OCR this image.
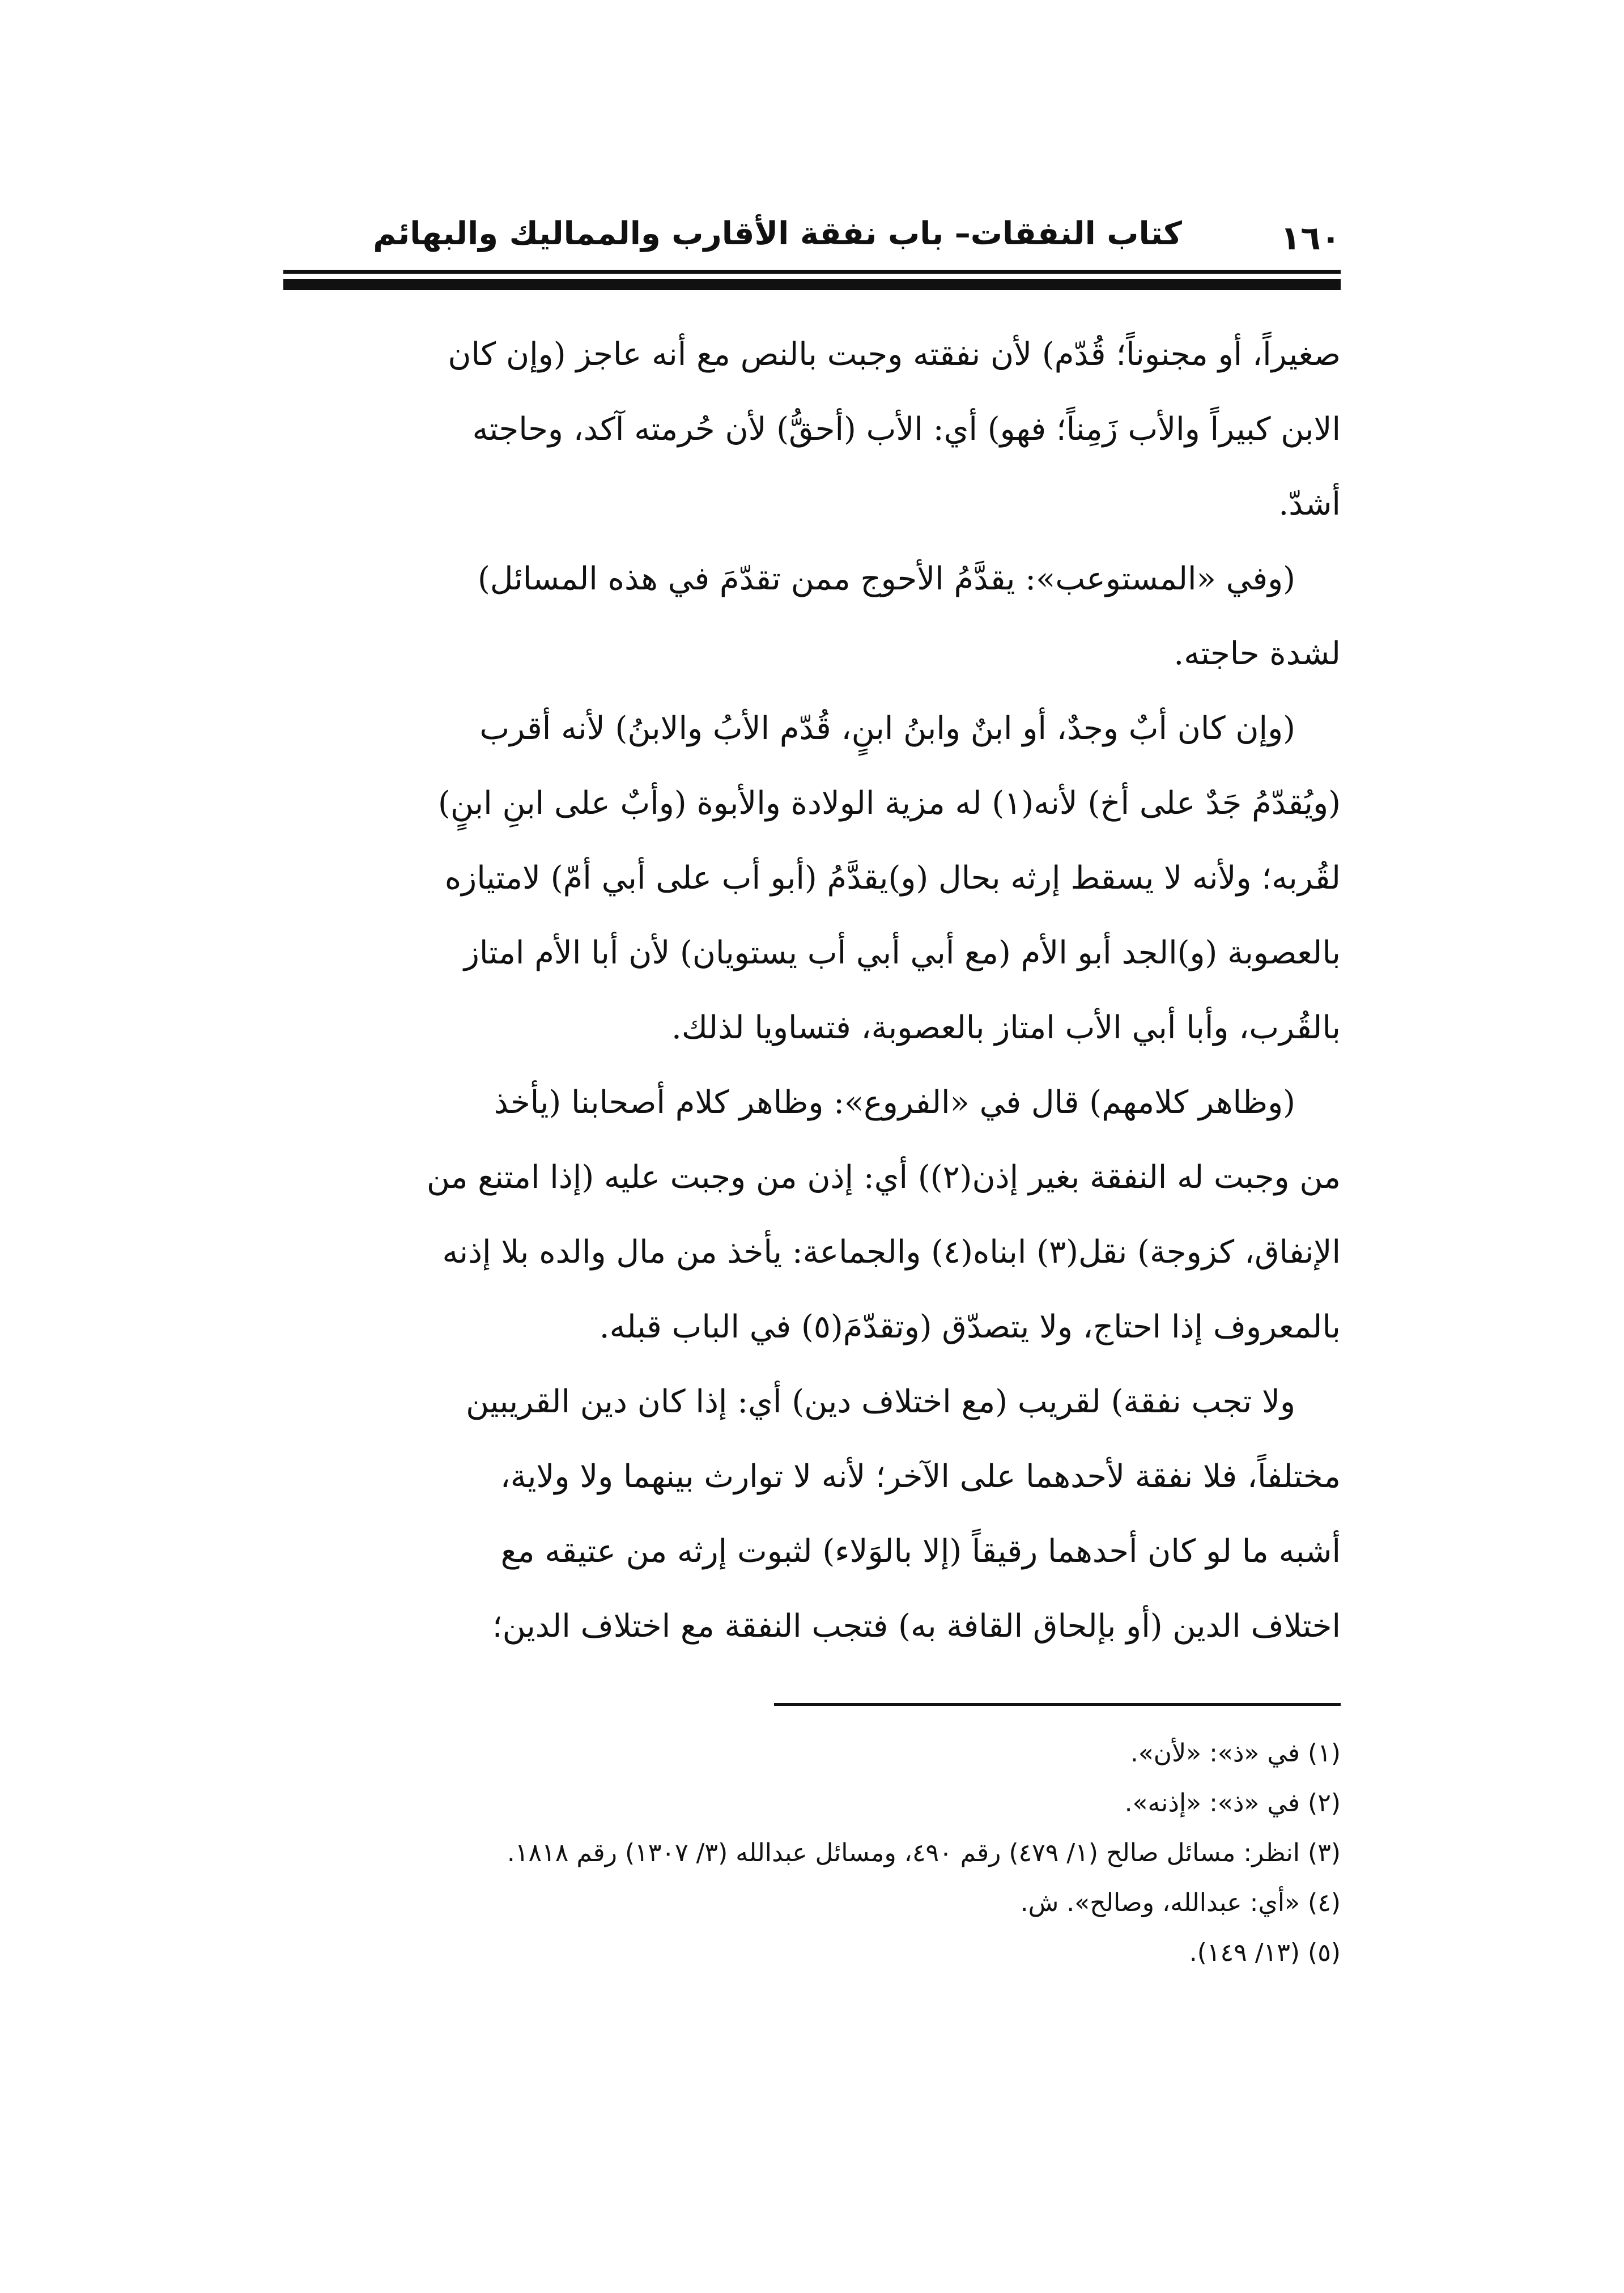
كتاب النفقات– باب نفقة الأقارب والمماليك والبهائم	١٦٠
صغيراً، أو مجنوناً؛ قُدّم) لأن نفقته وجبت بالنص مع أنه عاجز (وإن كان
الابن كبيراً والأب زَمِناً؛ فهو) أي: الأب (أحقُّ) لأن حُرمته آكد، وحاجته
أشدّ.
(وفي «المستوعب»: يقدَّمُ الأحوج ممن تقدّمَ في هذه المسائل)
لشدة حاجته.
(وإن كان أبٌ وجدٌ، أو ابنٌ وابنُ ابنٍ، قُدّم الأبُ والابنُ) لأنه أقرب
(ويُقدّمُ جَدٌ على أخ) لأنه(١) له مزية الولادة والأبوة (وأبٌ على ابنِ ابنٍ)
لقُربه؛ ولأنه لا يسقط إرثه بحال (و)يقدَّمُ (أبو أب على أبي أمّ) لامتيازه
بالعصوبة (و)الجد أبو الأم (مع أبي أبي أب يستويان) لأن أبا الأم امتاز
بالقُرب، وأبا أبي الأب امتاز بالعصوبة، فتساويا لذلك.
(وظاهر كلامهم) قال في «الفروع»: وظاهر كلام أصحابنا (يأخذ
من وجبت له النفقة بغير إذن(٢)) أي: إذن من وجبت عليه (إذا امتنع من
الإنفاق، كزوجة) نقل(٣) ابناه(٤) والجماعة: يأخذ من مال والده بلا إذنه
بالمعروف إذا احتاج، ولا يتصدّق (وتقدّمَ(٥) في الباب قبله.
ولا تجب نفقة) لقريب (مع اختلاف دين) أي: إذا كان دين القريبين
مختلفاً، فلا نفقة لأحدهما على الآخر؛ لأنه لا توارث بينهما ولا ولاية،
أشبه ما لو كان أحدهما رقيقاً (إلا بالوَلاء) لثبوت إرثه من عتيقه مع
اختلاف الدين (أو بإلحاق القافة به) فتجب النفقة مع اختلاف الدين؛
(١) في «ذ»: «لأن».
(٢) في «ذ»: «إذنه».
(٣) انظر: مسائل صالح (١/ ٤٧٩) رقم ٤٩٠، ومسائل عبدالله (٣/ ١٣٠٧) رقم ١٨١٨.
(٤) «أي: عبدالله، وصالح». ش.
(٥) (١٣/ ١٤٩).
